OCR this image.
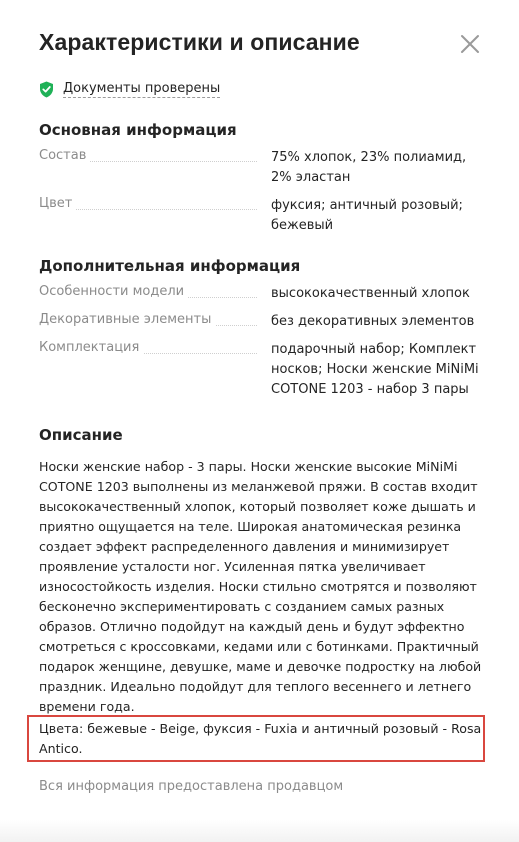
Характеристики и описание
Документы проверены
Основная информация
Состав	75% хлопок, 23% полиамид, 2% эластан
Цвет	фуксия; античный розовый; бежевый
Дополнительная информация
Особенности модели	высококачественный хлопок
Декоративные элементы	без декоративных элементов
Комплектация	подарочный набор; Комплект носков; Носки женские MiNiMi COTONE 1203 - набор 3 пары
Описание

Носки женские набор - 3 пары. Носки женские высокие MiNiMi COTONE 1203 выполнены из меланжевой пряжи. В состав входит высококачественный хлопок, который позволяет коже дышать и приятно ощущается на теле. Широкая анатомическая резинка создает эффект распределенного давления и минимизирует проявление усталости ног. Усиленная пятка увеличивает износостойкость изделия. Носки стильно смотрятся и позволяют бесконечно экспериментировать с созданием самых разных образов. Отлично подойдут на каждый день и будут эффектно смотреться с кроссовками, кедами или с ботинками. Практичный подарок женщине, девушке, маме и девочке подростку на любой праздник. Идеально подойдут для теплого весеннего и летнего времени года.

Цвета: бежевые - Beige, фуксия - Fuxia и античный розовый - Rosa Antico.

Вся информация предоставлена продавцом
